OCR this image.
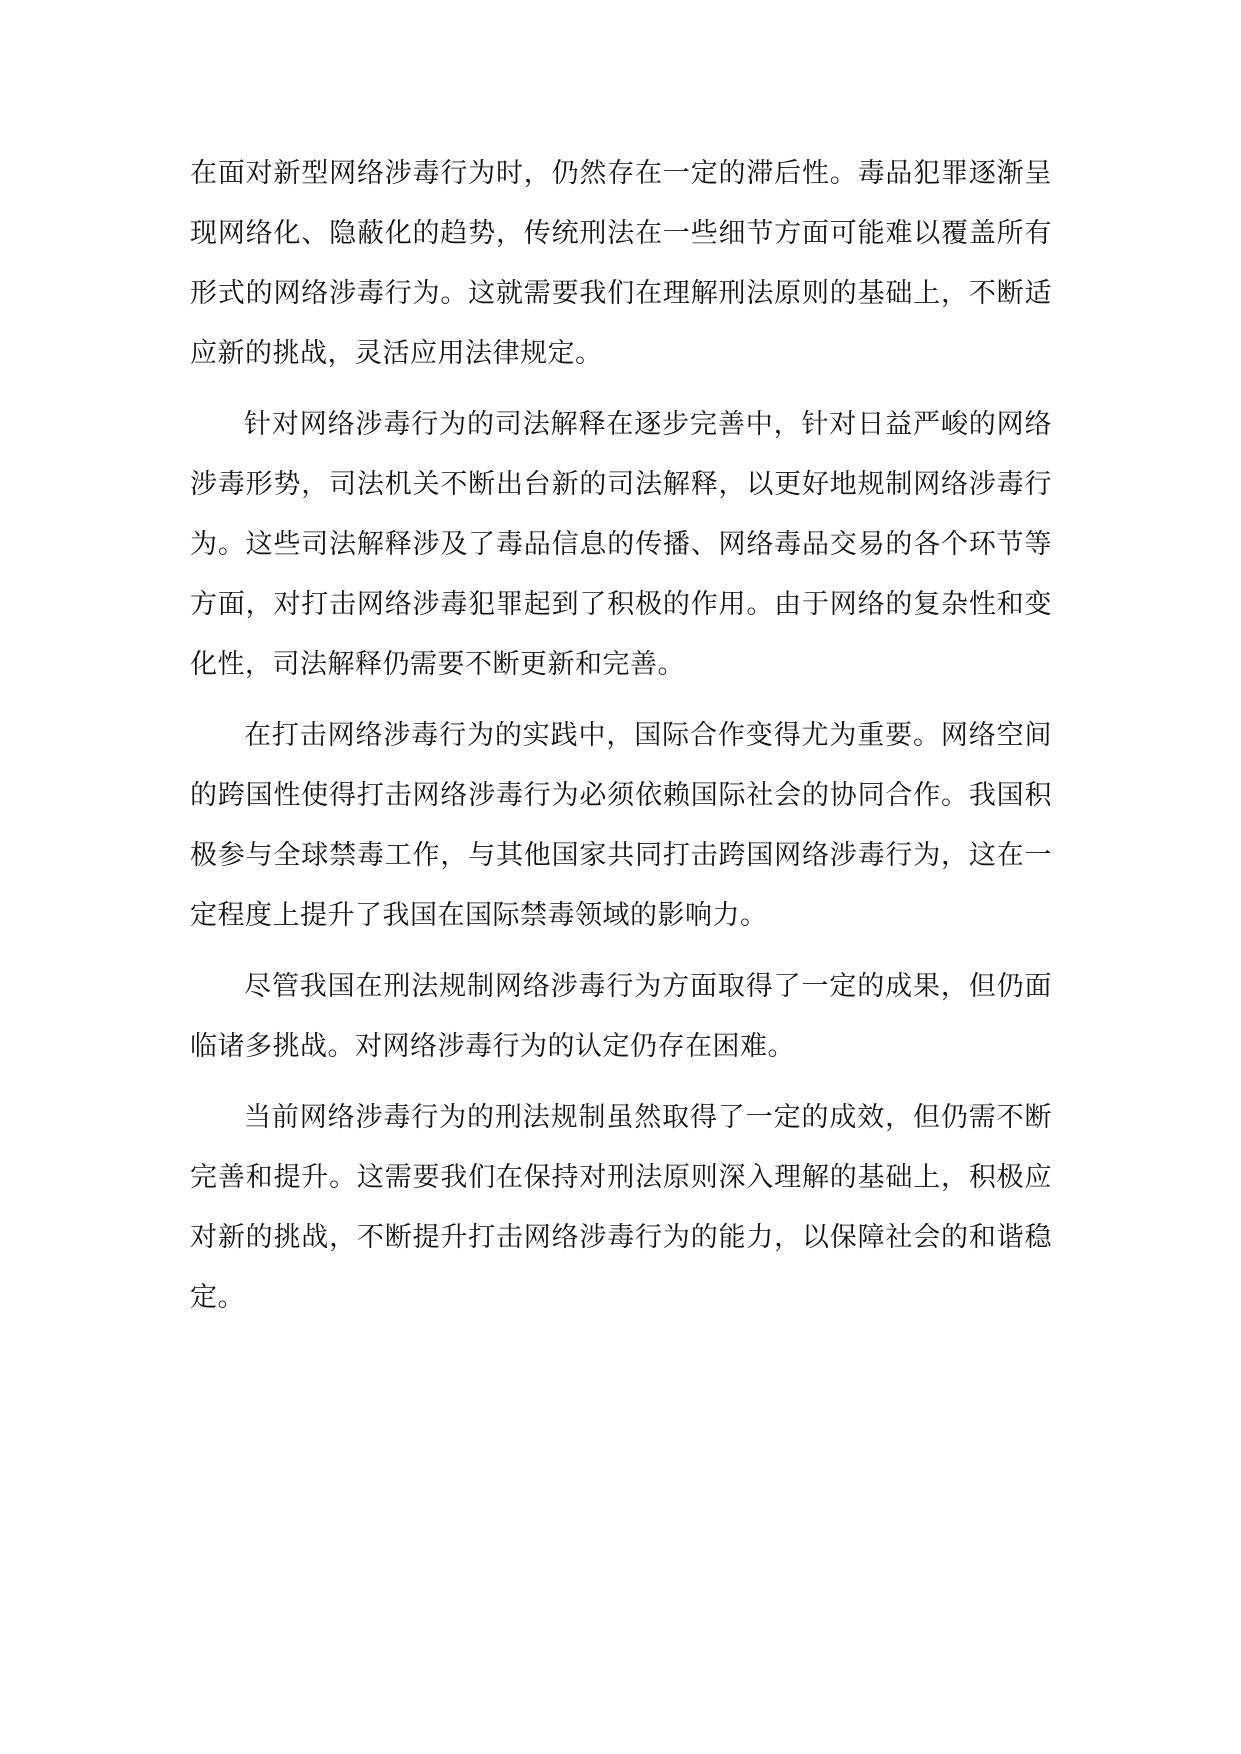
在面对新型网络涉毒行为时，仍然存在一定的滞后性。毒品犯罪逐渐呈现网络化、隐蔽化的趋势，传统刑法在一些细节方面可能难以覆盖所有形式的网络涉毒行为。这就需要我们在理解刑法原则的基础上，不断适应新的挑战，灵活应用法律规定。

针对网络涉毒行为的司法解释在逐步完善中，针对日益严峻的网络涉毒形势，司法机关不断出台新的司法解释，以更好地规制网络涉毒行为。这些司法解释涉及了毒品信息的传播、网络毒品交易的各个环节等方面，对打击网络涉毒犯罪起到了积极的作用。由于网络的复杂性和变化性，司法解释仍需要不断更新和完善。

在打击网络涉毒行为的实践中，国际合作变得尤为重要。网络空间的跨国性使得打击网络涉毒行为必须依赖国际社会的协同合作。我国积极参与全球禁毒工作，与其他国家共同打击跨国网络涉毒行为，这在一定程度上提升了我国在国际禁毒领域的影响力。

尽管我国在刑法规制网络涉毒行为方面取得了一定的成果，但仍面临诸多挑战。对网络涉毒行为的认定仍存在困难。

当前网络涉毒行为的刑法规制虽然取得了一定的成效，但仍需不断完善和提升。这需要我们在保持对刑法原则深入理解的基础上，积极应对新的挑战，不断提升打击网络涉毒行为的能力，以保障社会的和谐稳定。
